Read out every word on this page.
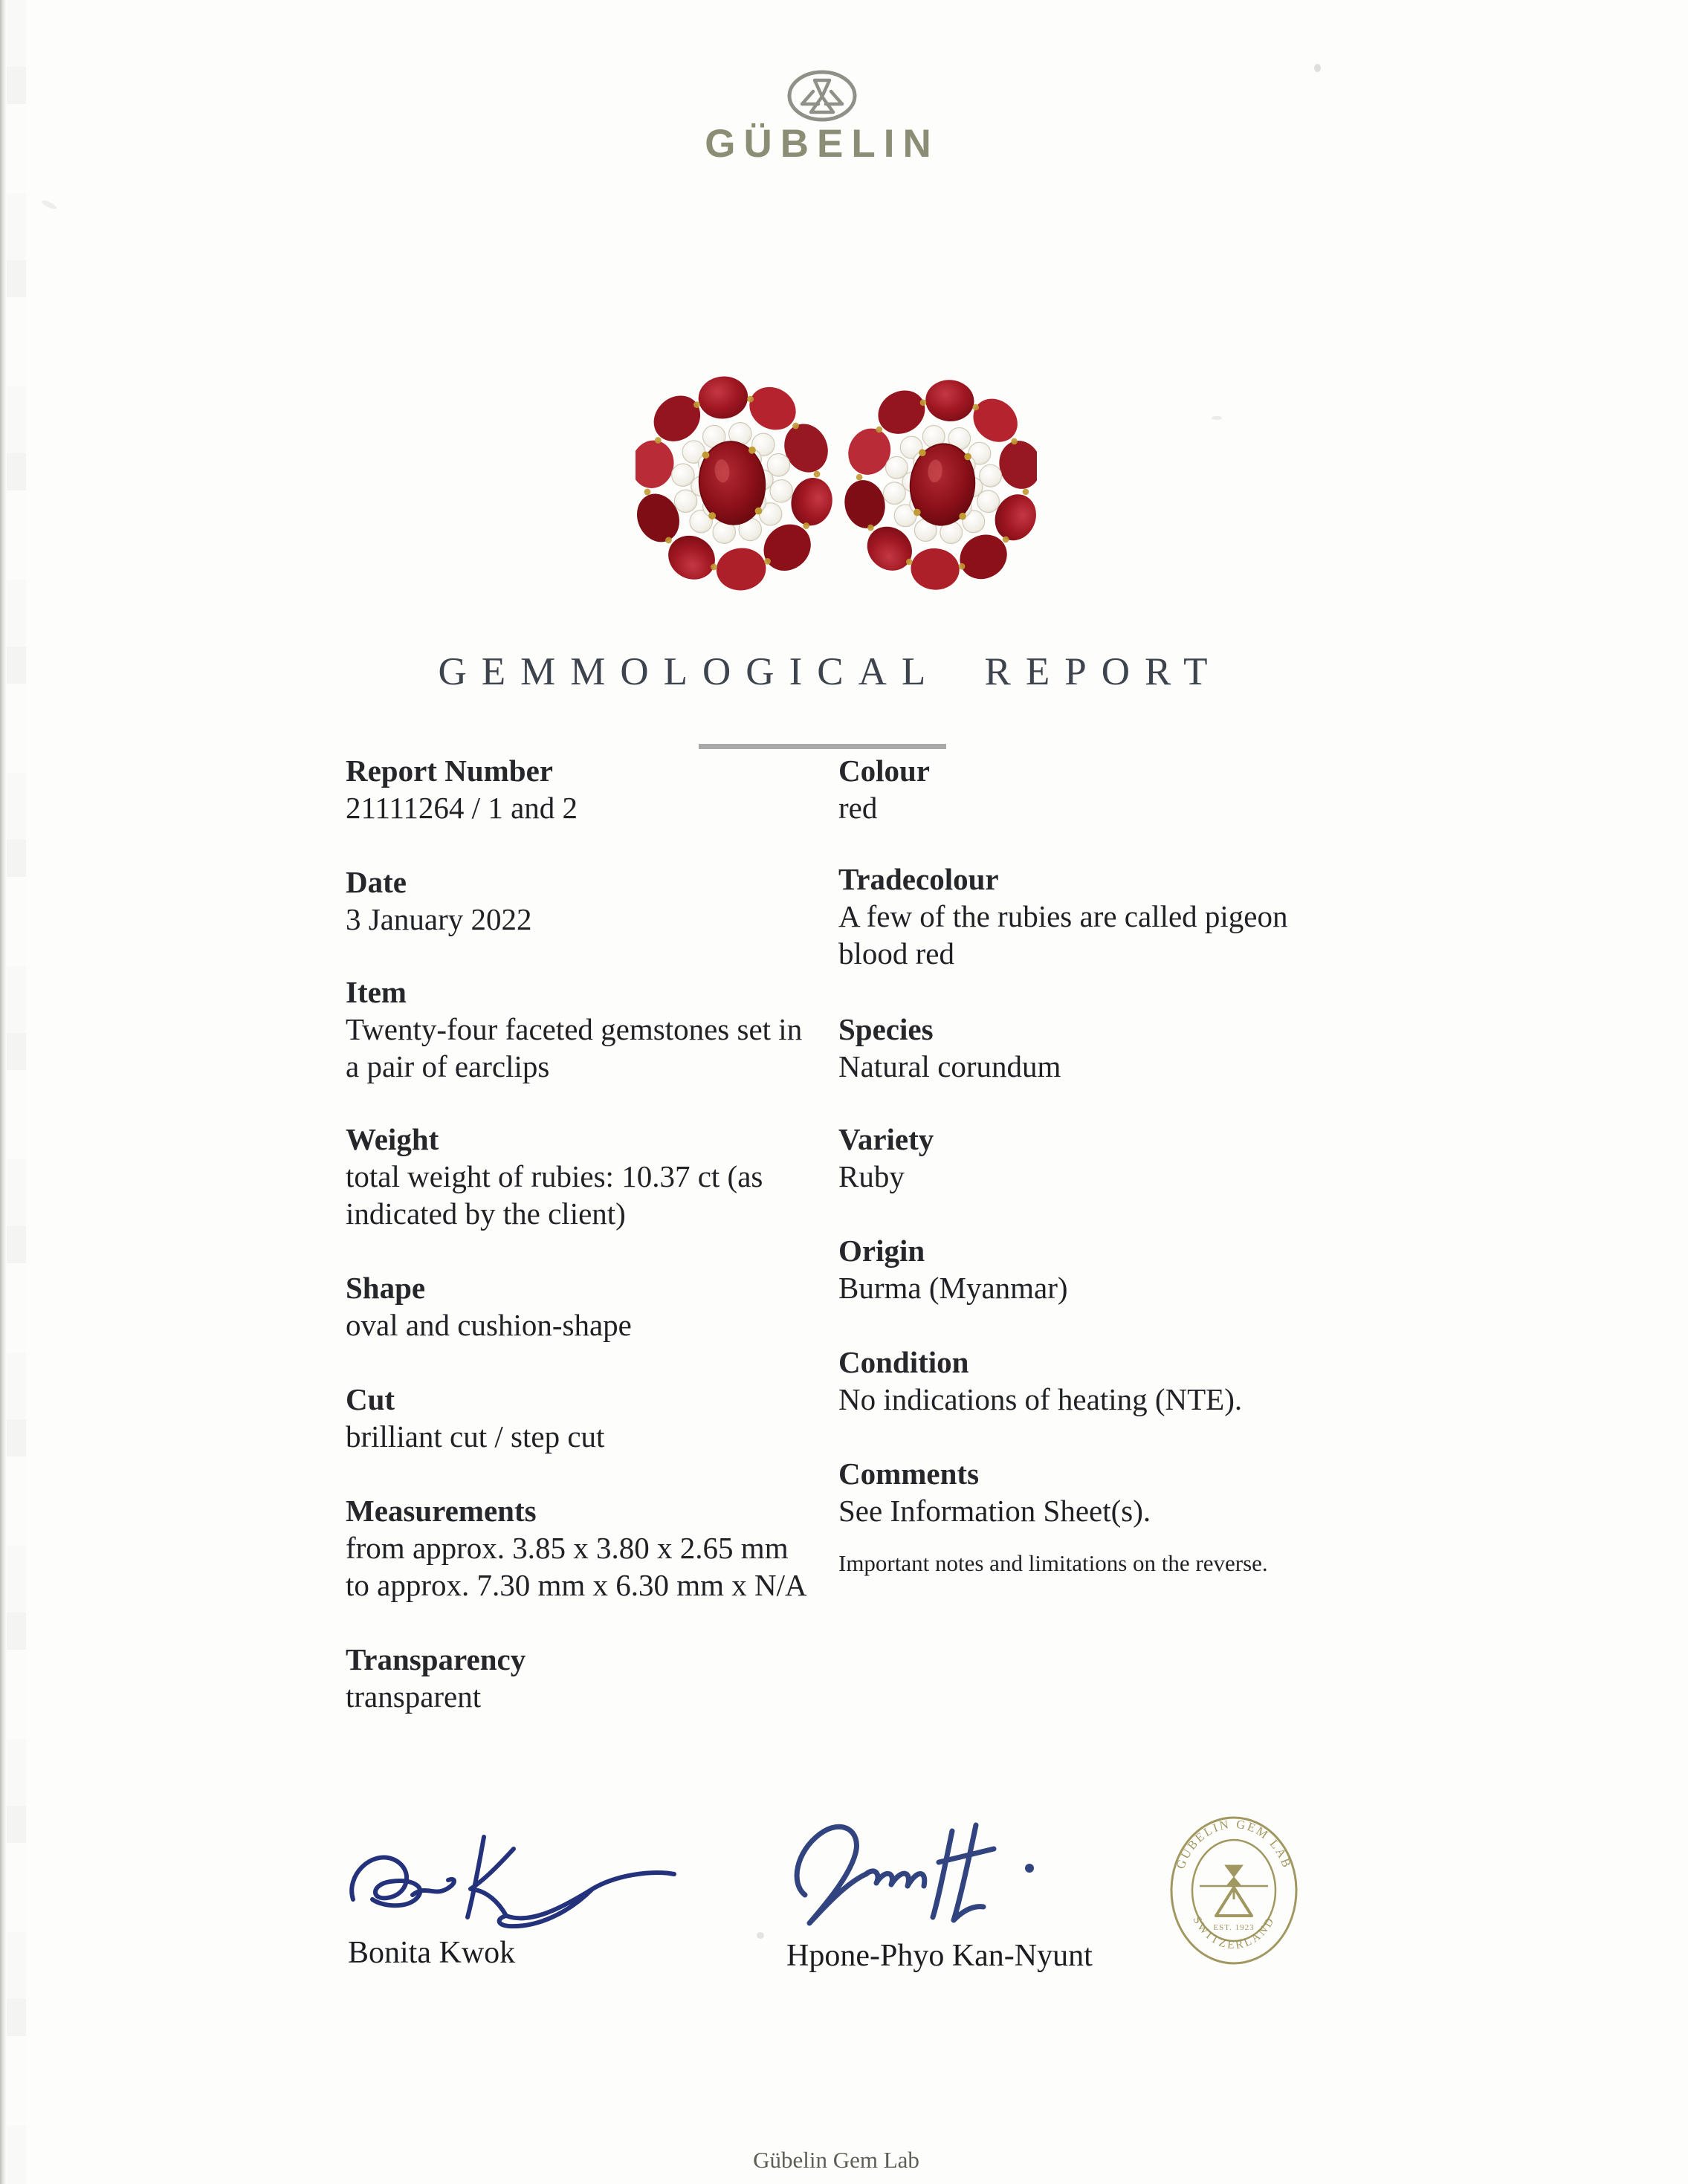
GÜBELIN
GEMMOLOGICAL REPORT
Report Number
21111264 / 1 and 2
Date
3 January 2022
Item
Twenty-four faceted gemstones set in
a pair of earclips
Weight
total weight of rubies: 10.37 ct (as
indicated by the client)
Shape
oval and cushion-shape
Cut
brilliant cut / step cut
Measurements
from approx. 3.85 x 3.80 x 2.65 mm
to approx. 7.30 mm x 6.30 mm x N/A
Transparency
transparent
Colour
red
Tradecolour
A few of the rubies are called pigeon
blood red
Species
Natural corundum
Variety
Ruby
Origin
Burma (Myanmar)
Condition
No indications of heating (NTE).
Comments
See Information Sheet(s).
Important notes and limitations on the reverse.
Bonita Kwok	Hpone-Phyo Kan-Nyunt
GÜBELIN GEM LAB
SWITZERLAND
EST. 1923
Gübelin Gem Lab
